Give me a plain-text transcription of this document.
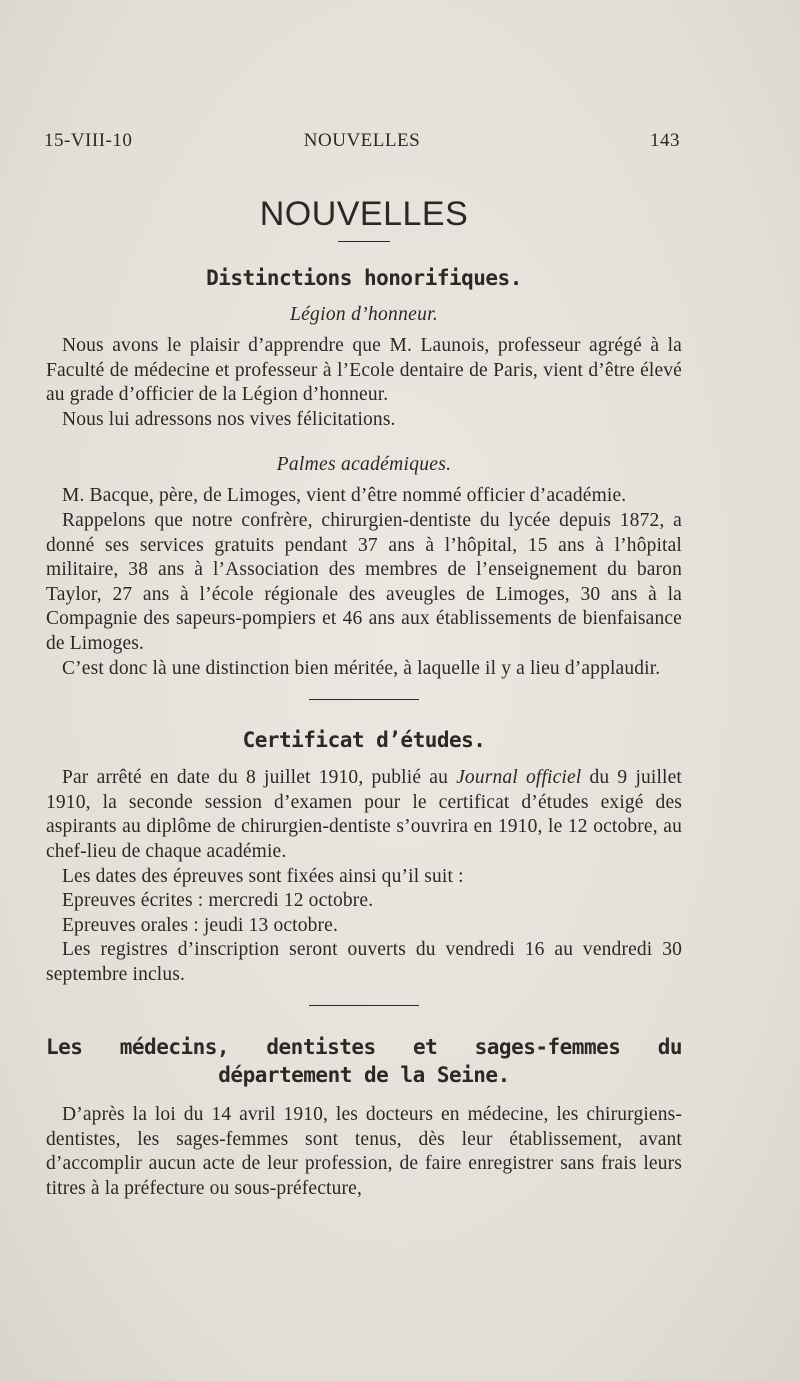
15-VIII-10	NOUVELLES	143
NOUVELLES
Distinctions honorifiques.
Légion d’honneur.

Nous avons le plaisir d’apprendre que M. Launois, professeur agrégé à la Faculté de médecine et professeur à l’Ecole dentaire de Paris, vient d’être élevé au grade d’officier de la Légion d’honneur.

Nous lui adressons nos vives félicitations.

Palmes académiques.

M. Bacque, père, de Limoges, vient d’être nommé officier d’académie.

Rappelons que notre confrère, chirurgien-dentiste du lycée depuis 1872, a donné ses services gratuits pendant 37 ans à l’hôpital, 15 ans à l’hôpital militaire, 38 ans à l’Association des membres de l’enseignement du baron Taylor, 27 ans à l’école régionale des aveugles de Limoges, 30 ans à la Compagnie des sapeurs-pompiers et 46 ans aux établissements de bienfaisance de Limoges.

C’est donc là une distinction bien méritée, à laquelle il y a lieu d’applaudir.

Certificat d’études.

Par arrêté en date du 8 juillet 1910, publié au Journal officiel du 9 juillet 1910, la seconde session d’examen pour le certificat d’études exigé des aspirants au diplôme de chirurgien-dentiste s’ouvrira en 1910, le 12 octobre, au chef-lieu de chaque académie.

Les dates des épreuves sont fixées ainsi qu’il suit :

Epreuves écrites : mercredi 12 octobre.

Epreuves orales : jeudi 13 octobre.

Les registres d’inscription seront ouverts du vendredi 16 au vendredi 30 septembre inclus.

Les médecins, dentistes et sages-femmes du département de la Seine.

D’après la loi du 14 avril 1910, les docteurs en médecine, les chirurgiens-dentistes, les sages-femmes sont tenus, dès leur établissement, avant d’accomplir aucun acte de leur profession, de faire enregistrer sans frais leurs titres à la préfecture ou sous-préfecture,
